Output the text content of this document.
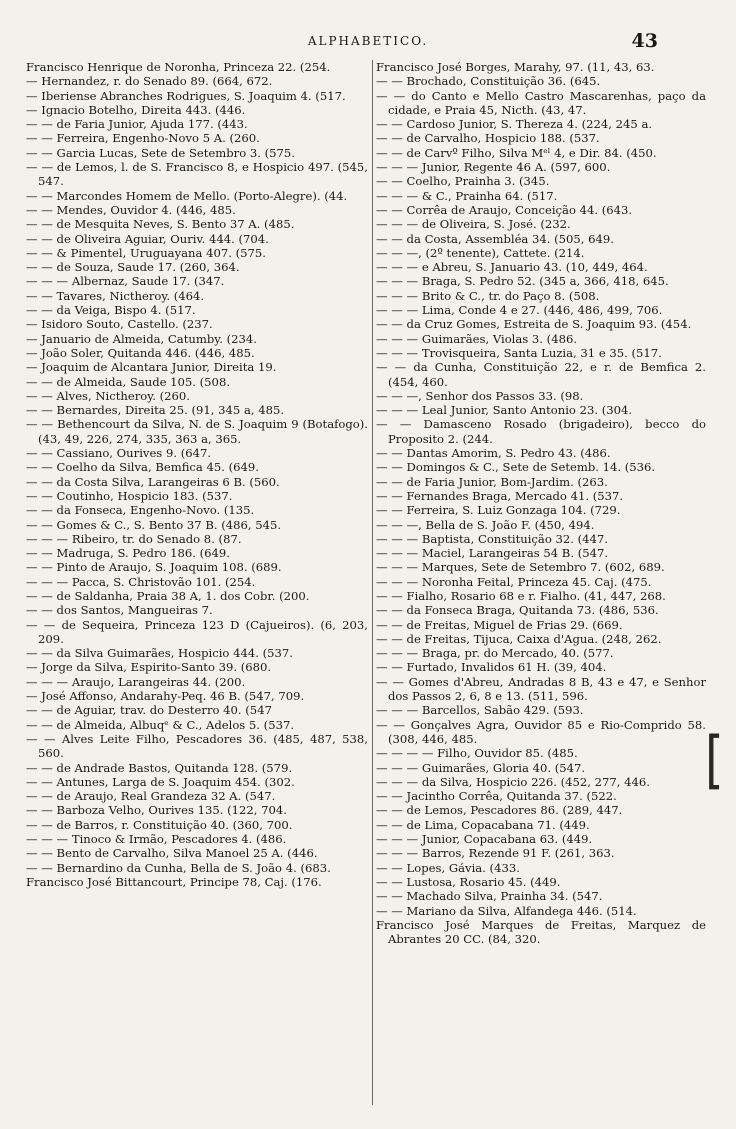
ALPHABETICO.	43
Francisco Henrique de Noronha, Princeza 22. (254.
— Hernandez, r. do Senado 89. (664, 672.
— Iberiense Abranches Rodrigues, S. Joaquim 4. (517.
— Ignacio Botelho, Direita 443. (446.
— — de Faria Junior, Ajuda 177. (443.
— — Ferreira, Engenho-Novo 5 A. (260.
— — Garcia Lucas, Sete de Setembro 3. (575.
— — de Lemos, l. de S. Francisco 8, e Hospicio 497. (545, 547.
— — Marcondes Homem de Mello. (Porto-Alegre). (44.
— — Mendes, Ouvidor 4. (446, 485.
— — de Mesquita Neves, S. Bento 37 A. (485.
— — de Oliveira Aguiar, Ouriv. 444. (704.
— — & Pimentel, Uruguayana 407. (575.
— — de Souza, Saude 17. (260, 364.
— — — Albernaz, Saude 17. (347.
— — Tavares, Nictheroy. (464.
— — da Veiga, Bispo 4. (517.
— Isidoro Souto, Castello. (237.
— Januario de Almeida, Catumby. (234.
— João Soler, Quitanda 446. (446, 485.
— Joaquim de Alcantara Junior, Direita 19.
— — de Almeida, Saude 105. (508.
— — Alves, Nictheroy. (260.
— — Bernardes, Direita 25. (91, 345 a, 485.
— — Bethencourt da Silva, N. de S. Joaquim 9 (Botafogo). (43, 49, 226, 274, 335, 363 a, 365.
— — Cassiano, Ourives 9. (647.
— — Coelho da Silva, Bemfica 45. (649.
— — da Costa Silva, Larangeiras 6 B. (560.
— — Coutinho, Hospicio 183. (537.
— — da Fonseca, Engenho-Novo. (135.
— — Gomes & C., S. Bento 37 B. (486, 545.
— — — Ribeiro, tr. do Senado 8. (87.
— — Madruga, S. Pedro 186. (649.
— — Pinto de Araujo, S. Joaquim 108. (689.
— — — Pacca, S. Christovão 101. (254.
— — de Saldanha, Praia 38 A, 1. dos Cobr. (200.
— — dos Santos, Mangueiras 7.
— — de Sequeira, Princeza 123 D (Cajueiros). (6, 203, 209.
— — da Silva Guimarães, Hospicio 444. (537.
— Jorge da Silva, Espirito-Santo 39. (680.
— — — Araujo, Larangeiras 44. (200.
— José Affonso, Andarahy-Peq. 46 B. (547, 709.
— — de Aguiar, trav. do Desterro 40. (547
— — de Almeida, Albuqᵉ & C., Adelos 5. (537.
— — Alves Leite Filho, Pescadores 36. (485, 487, 538, 560.
— — de Andrade Bastos, Quitanda 128. (579.
— — Antunes, Larga de S. Joaquim 454. (302.
— — de Araujo, Real Grandeza 32 A. (547.
— — Barboza Velho, Ourives 135. (122, 704.
— — de Barros, r. Constituição 40. (360, 700.
— — — Tinoco & Irmão, Pescadores 4. (486.
— — Bento de Carvalho, Silva Manoel 25 A. (446.
— — Bernardino da Cunha, Bella de S. João 4. (683.
Francisco José Bittancourt, Principe 78, Caj. (176.
Francisco José Borges, Marahy, 97. (11, 43, 63.
— — Brochado, Constituição 36. (645.
— — do Canto e Mello Castro Mascarenhas, paço da cidade, e Praia 45, Nicth. (43, 47.
— — Cardoso Junior, S. Thereza 4. (224, 245 a.
— — de Carvalho, Hospicio 188. (537.
— — de Carvº Filho, Silva Mᵉˡ 4, e Dir. 84. (450.
— — — Junior, Regente 46 A. (597, 600.
— — Coelho, Prainha 3. (345.
— — — & C., Prainha 64. (517.
— — Corrêa de Araujo, Conceição 44. (643.
— — — de Oliveira, S. José. (232.
— — da Costa, Assembléa 34. (505, 649.
— — —, (2º tenente), Cattete. (214.
— — — e Abreu, S. Januario 43. (10, 449, 464.
— — — Braga, S. Pedro 52. (345 a, 366, 418, 645.
— — — Brito & C., tr. do Paço 8. (508.
— — — Lima, Conde 4 e 27. (446, 486, 499, 706.
— — da Cruz Gomes, Estreita de S. Joaquim 93. (454.
— — — Guimarães, Violas 3. (486.
— — — Trovisqueira, Santa Luzia, 31 e 35. (517.
— — da Cunha, Constituição 22, e r. de Bemfica 2. (454, 460.
— — —, Senhor dos Passos 33. (98.
— — — Leal Junior, Santo Antonio 23. (304.
— — Damasceno Rosado (brigadeiro), becco do Proposito 2. (244.
— — Dantas Amorim, S. Pedro 43. (486.
— — Domingos & C., Sete de Setemb. 14. (536.
— — de Faria Junior, Bom-Jardim. (263.
— — Fernandes Braga, Mercado 41. (537.
— — Ferreira, S. Luiz Gonzaga 104. (729.
— — —, Bella de S. João F. (450, 494.
— — — Baptista, Constituição 32. (447.
— — — Maciel, Larangeiras 54 B. (547.
— — — Marques, Sete de Setembro 7. (602, 689.
— — — Noronha Feital, Princeza 45. Caj. (475.
— — Fialho, Rosario 68 e r. Fialho. (41, 447, 268.
— — da Fonseca Braga, Quitanda 73. (486, 536.
— — de Freitas, Miguel de Frias 29. (669.
— — de Freitas, Tijuca, Caixa d'Agua. (248, 262.
— — — Braga, pr. do Mercado, 40. (577.
— — Furtado, Invalidos 61 H. (39, 404.
— — Gomes d'Abreu, Andradas 8 B, 43 e 47, e Senhor dos Passos 2, 6, 8 e 13. (511, 596.
— — — Barcellos, Sabão 429. (593.
— — Gonçalves Agra, Ouvidor 85 e Rio-Comprido 58. (308, 446, 485.
— — — — Filho, Ouvidor 85. (485.
— — — Guimarães, Gloria 40. (547.
— — — da Silva, Hospicio 226. (452, 277, 446.
— — Jacintho Corrêa, Quitanda 37. (522.
— — de Lemos, Pescadores 86. (289, 447.
— — de Lima, Copacabana 71. (449.
— — — Junior, Copacabana 63. (449.
— — — Barros, Rezende 91 F. (261, 363.
— — Lopes, Gávia. (433.
— — Lustosa, Rosario 45. (449.
— — Machado Silva, Prainha 34. (547.
— — Mariano da Silva, Alfandega 446. (514.
Francisco José Marques de Freitas, Marquez de Abrantes 20 CC. (84, 320.
[
